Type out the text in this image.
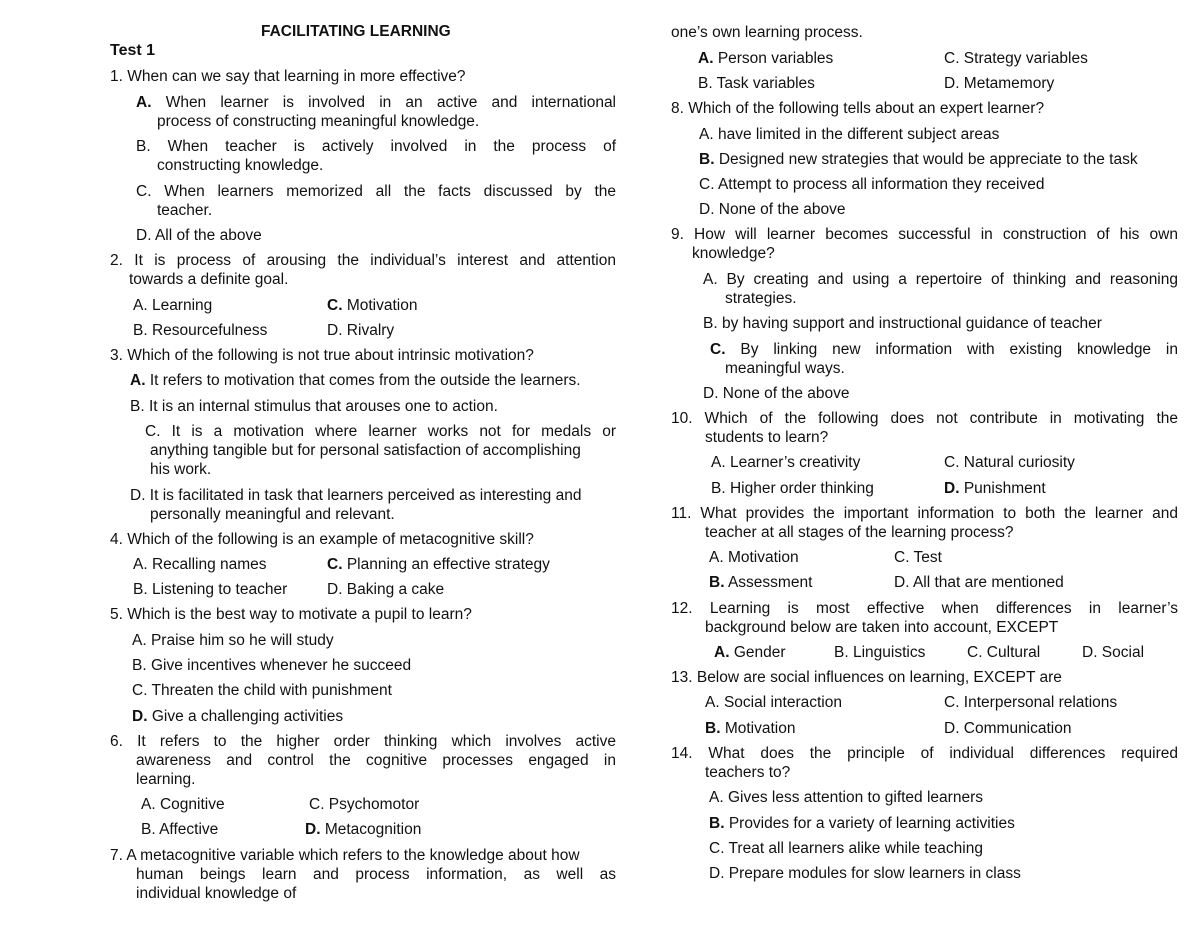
FACILITATING LEARNING
Test 1
1. When can we say that learning in more effective?
A. When learner is involved in an active and international
process of constructing meaningful knowledge.
B. When teacher is actively involved in the process of
constructing knowledge.
C. When learners memorized all the facts discussed by the
teacher.
D. All of the above
2. It is process of arousing the individual’s interest and attention
towards a definite goal.
A. Learning	C. Motivation
B. Resourcefulness	D. Rivalry
3. Which of the following is not true about intrinsic motivation?
A. It refers to motivation that comes from the outside the learners.
B. It is an internal stimulus that arouses one to action.
C. It is a motivation where learner works not for medals or
anything tangible but for personal satisfaction of accomplishing
his work.
D. It is facilitated in task that learners perceived as interesting and
personally meaningful and relevant.
4. Which of the following is an example of metacognitive skill?
A. Recalling names	C. Planning an effective strategy
B. Listening to teacher	D. Baking a cake
5. Which is the best way to motivate a pupil to learn?
A. Praise him so he will study
B. Give incentives whenever he succeed
C. Threaten the child with punishment
D. Give a challenging activities
6. It refers to the higher order thinking which involves active
awareness and control the cognitive processes engaged in
learning.
A. Cognitive	C. Psychomotor
B. Affective	D. Metacognition
7. A metacognitive variable which refers to the knowledge about how
human beings learn and process information, as well as
individual knowledge of
one’s own learning process.
A. Person variables	C. Strategy variables
B. Task variables	D. Metamemory
8. Which of the following tells about an expert learner?
A. have limited in the different subject areas
B. Designed new strategies that would be appreciate to the task
C. Attempt to process all information they received
D. None of the above
9. How will learner becomes successful in construction of his own
knowledge?
A. By creating and using a repertoire of thinking and reasoning
strategies.
B. by having support and instructional guidance of teacher
C. By linking new information with existing knowledge in
meaningful ways.
D. None of the above
10. Which of the following does not contribute in motivating the
students to learn?
A. Learner’s creativity	C. Natural curiosity
B. Higher order thinking	D. Punishment
11. What provides the important information to both the learner and
teacher at all stages of the learning process?
A. Motivation	C. Test
B. Assessment	D. All that are mentioned
12. Learning is most effective when differences in learner’s
background below are taken into account, EXCEPT
A. Gender	B. Linguistics	C. Cultural	D. Social
13. Below are social influences on learning, EXCEPT are
A. Social interaction	C. Interpersonal relations
B. Motivation	D. Communication
14. What does the principle of individual differences required
teachers to?
A. Gives less attention to gifted learners
B. Provides for a variety of learning activities
C. Treat all learners alike while teaching
D. Prepare modules for slow learners in class
